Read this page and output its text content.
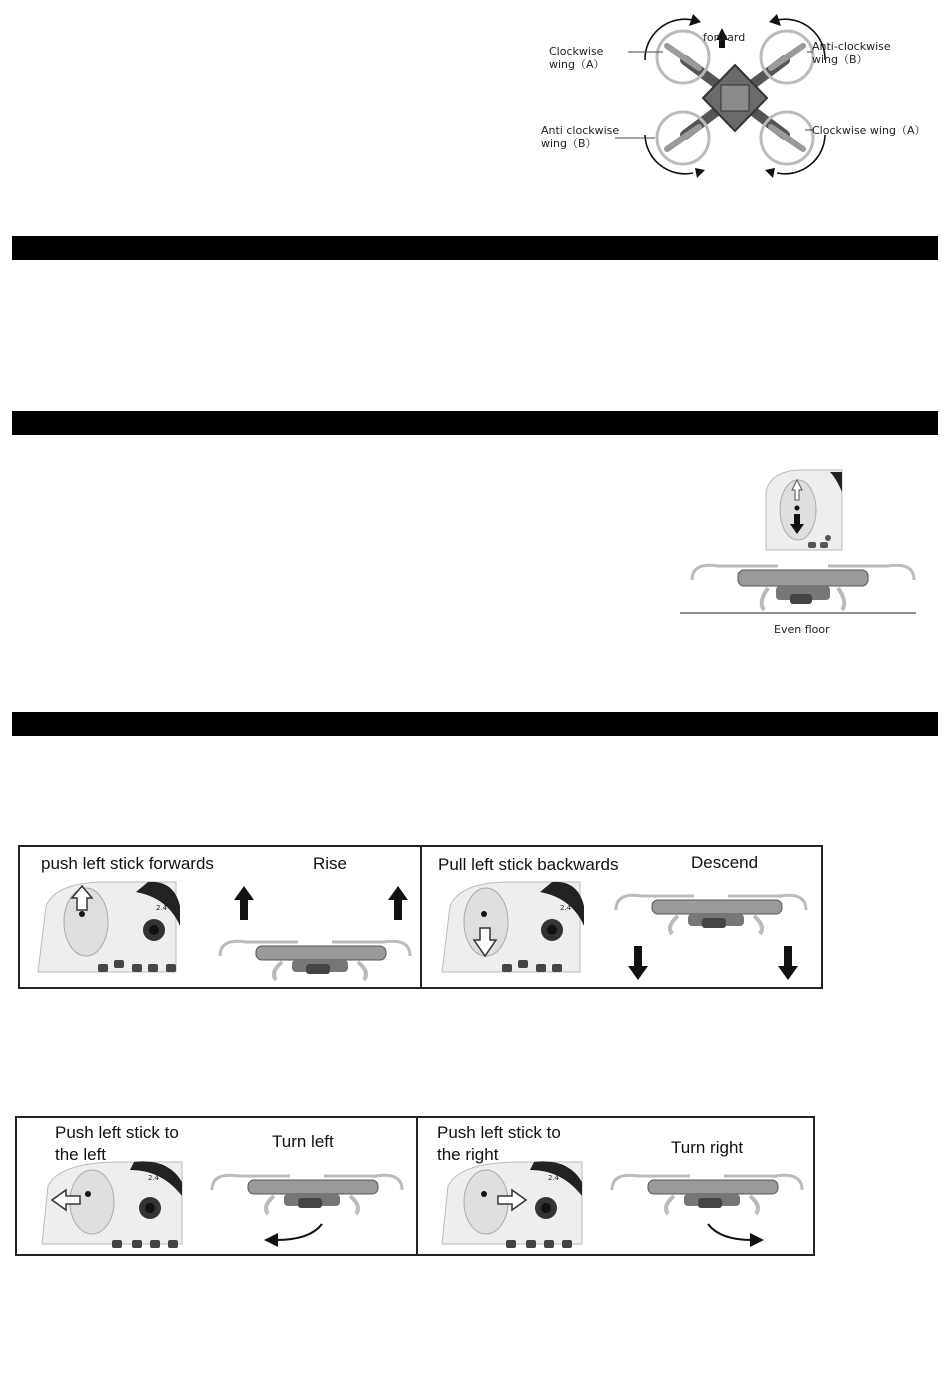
forward
Clockwise
wing（A）
Anti-clockwise
wing（B）
Anti clockwise
wing（B）
Clockwise wing（A）
Even floor
push left stick forwards	Rise
2.4
Pull left stick backwards	Descend
2.4
Push left stick to
the left
Turn left
2.4
Push left stick to
the right	Turn right
2.4
